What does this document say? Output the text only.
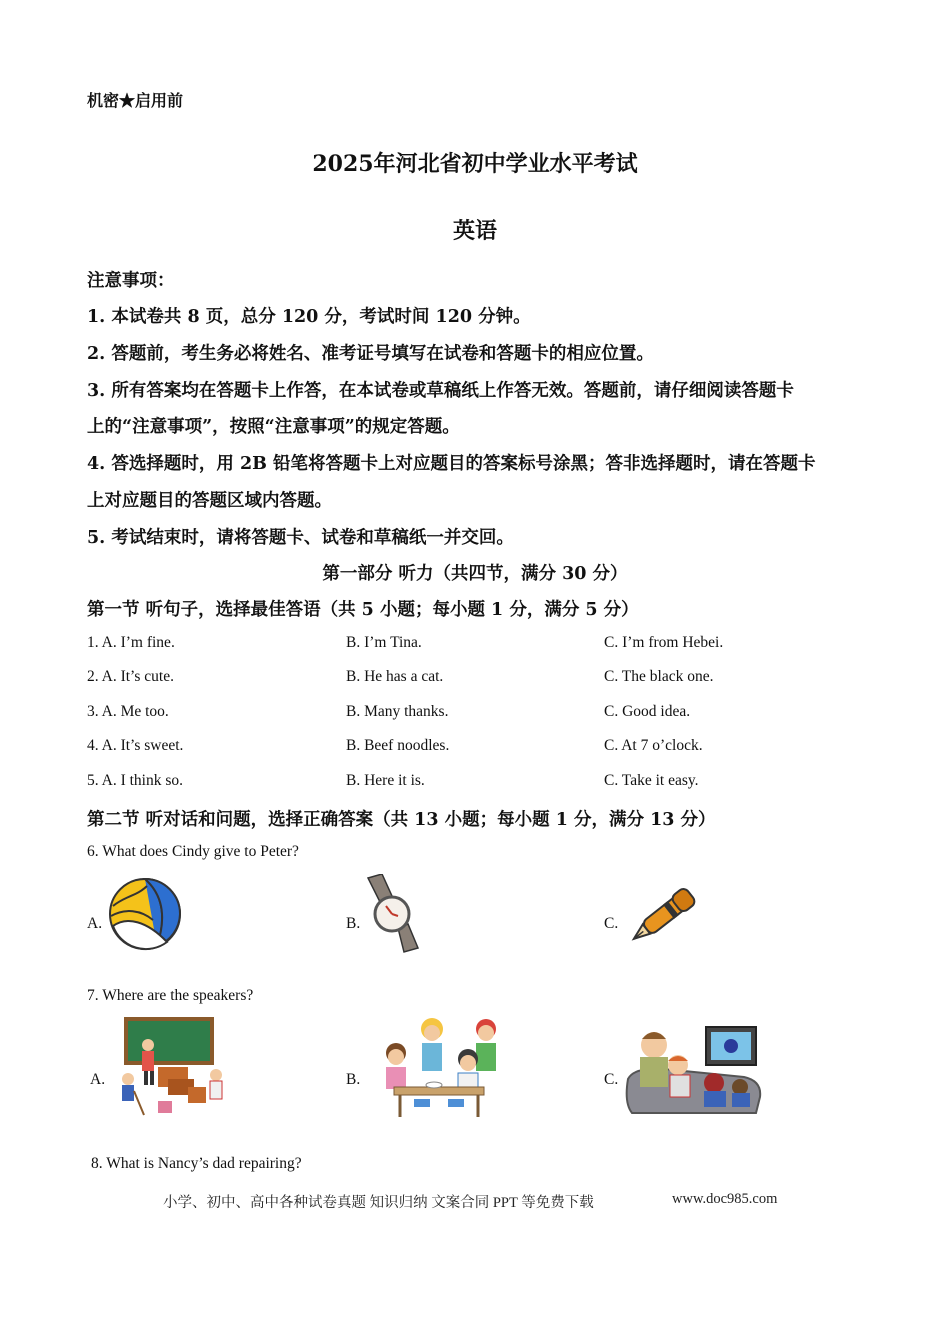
机密★启用前
2025年河北省初中学业水平考试
英语
注意事项：
1. 本试卷共 8 页，总分 120 分，考试时间 120 分钟。
2. 答题前，考生务必将姓名、准考证号填写在试卷和答题卡的相应位置。
3. 所有答案均在答题卡上作答，在本试卷或草稿纸上作答无效。答题前，请仔细阅读答题卡
上的“注意事项”，按照“注意事项”的规定答题。
4. 答选择题时，用 2B 铅笔将答题卡上对应题目的答案标号涂黑；答非选择题时，请在答题卡
上对应题目的答题区域内答题。
5. 考试结束时，请将答题卡、试卷和草稿纸一并交回。
第一部分 听力（共四节，满分 30 分）
第一节 听句子，选择最佳答语（共 5 小题；每小题 1 分，满分 5 分）
1. A. I’m fine.	B. I’m Tina.	C. I’m from Hebei.
2. A. It’s cute.	B. He has a cat.	C. The black one.
3. A. Me too.	B. Many thanks.	C. Good idea.
4. A. It’s sweet.	B. Beef noodles.	C. At 7 o’clock.
5. A. I think so.	B. Here it is.	C. Take it easy.
第二节 听对话和问题，选择正确答案（共 13 小题；每小题 1 分，满分 13 分）
6. What does Cindy give to Peter?
A.	B.	C.
7. Where are the speakers?
A.	B.	C.
8. What is Nancy’s dad repairing?
小学、初中、高中各种试卷真题 知识归纳 文案合同 PPT 等免费下载	www.doc985.com
